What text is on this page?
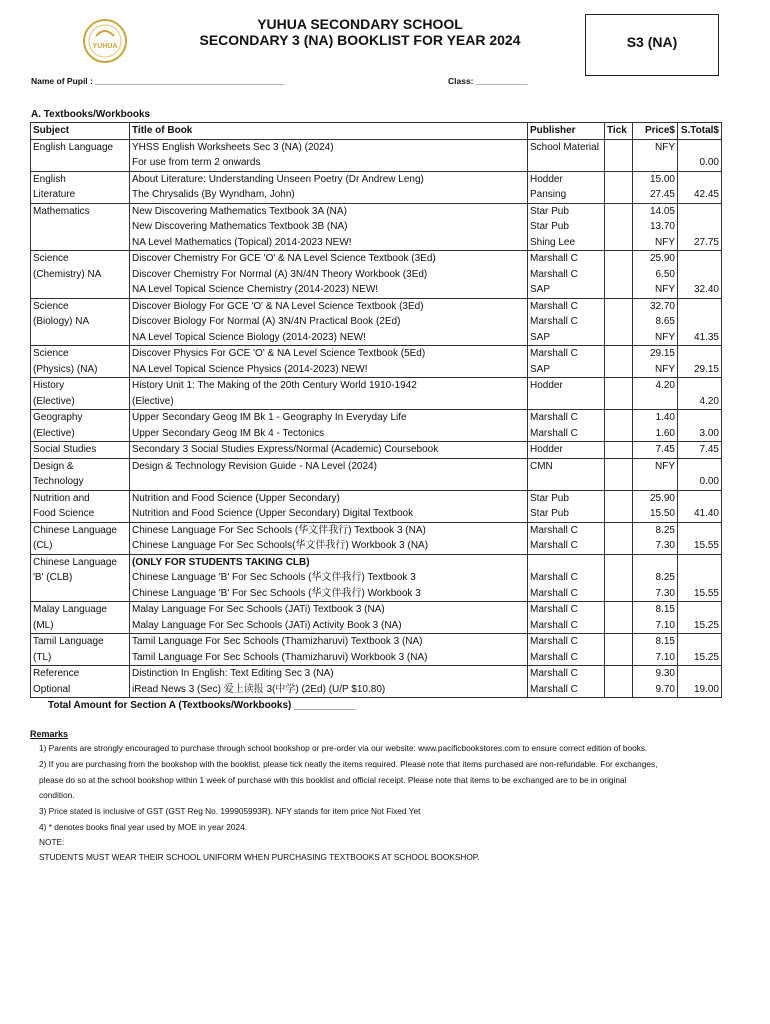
YUHUA
YUHUA SECONDARY SCHOOL
SECONDARY 3 (NA) BOOKLIST FOR YEAR 2024	S3 (NA)
Name of Pupil : ________________________________________	Class: ___________
A. Textbooks/Workbooks
Subject	Title of Book	Publisher	Tick	Price$	S.Total$
English Language	YHSS English Worksheets Sec 3 (NA) (2024)	School Material		NFY	
	For use from term 2 onwards				0.00
English	About Literature: Understanding Unseen Poetry (Dr Andrew Leng)	Hodder		15.00	
Literature	The Chrysalids (By Wyndham, John)	Pansing		27.45	42.45
Mathematics	New Discovering Mathematics Textbook 3A (NA)	Star Pub		14.05	
	New Discovering Mathematics Textbook 3B (NA)	Star Pub		13.70	
	NA Level Mathematics (Topical) 2014-2023 NEW!	Shing Lee		NFY	27.75
Science	Discover Chemistry For GCE 'O' & NA Level Science Textbook (3Ed)	Marshall C		25.90	
(Chemistry) NA	Discover Chemistry For Normal (A) 3N/4N Theory Workbook (3Ed)	Marshall C		6.50	
	NA Level Topical Science Chemistry (2014-2023) NEW!	SAP		NFY	32.40
Science	Discover Biology For GCE 'O' & NA Level Science Textbook (3Ed)	Marshall C		32.70	
(Biology) NA	Discover Biology For Normal (A) 3N/4N Practical Book (2Ed)	Marshall C		8.65	
	NA Level Topical Science Biology (2014-2023) NEW!	SAP		NFY	41.35
Science	Discover Physics For GCE 'O' & NA Level Science Textbook (5Ed)	Marshall C		29.15	
(Physics) (NA)	NA Level Topical Science Physics (2014-2023) NEW!	SAP		NFY	29.15
History	History Unit 1: The Making of the 20th Century World 1910-1942	Hodder		4.20	
(Elective)	(Elective)				4.20
Geography	Upper Secondary Geog IM Bk 1 - Geography In Everyday Life	Marshall C		1.40	
(Elective)	Upper Secondary Geog IM Bk 4 - Tectonics	Marshall C		1.60	3.00
Social Studies	Secondary 3 Social Studies Express/Normal (Academic) Coursebook	Hodder		7.45	7.45
Design &	Design & Technology Revision Guide - NA Level (2024)	CMN		NFY	
Technology					0.00
Nutrition and	Nutrition and Food Science (Upper Secondary)	Star Pub		25.90	
Food Science	Nutrition and Food Science (Upper Secondary) Digital Textbook	Star Pub		15.50	41.40
Chinese Language	Chinese Language For Sec Schools (华文伴我行) Textbook 3 (NA)	Marshall C		8.25	
(CL)	Chinese Language For Sec Schools(华文伴我行) Workbook 3 (NA)	Marshall C		7.30	15.55
Chinese Language	(ONLY FOR STUDENTS TAKING CLB)				
'B' (CLB)	Chinese Language 'B' For Sec Schools (华文伴我行) Textbook 3	Marshall C		8.25	
	Chinese Language 'B' For Sec Schools (华文伴我行) Workbook 3	Marshall C		7.30	15.55
Malay Language	Malay Language For Sec Schools (JATi) Textbook 3 (NA)	Marshall C		8.15	
(ML)	Malay Language For Sec Schools (JATi) Activity Book 3 (NA)	Marshall C		7.10	15.25
Tamil Language	Tamil Language For Sec Schools (Thamizharuvi) Textbook 3 (NA)	Marshall C		8.15	
(TL)	Tamil Language For Sec Schools (Thamizharuvi) Workbook 3 (NA)	Marshall C		7.10	15.25
Reference	Distinction In English: Text Editing Sec 3 (NA)	Marshall C		9.30	
Optional	iRead News 3 (Sec) 爱上读报 3(中学) (2Ed) (U/P $10.80)	Marshall C		9.70	19.00
Total Amount for Section A (Textbooks/Workbooks) ___________
Remarks
1) Parents are strongly encouraged to purchase through school bookshop or pre-order via our website: www.pacificbookstores.com to ensure correct edition of books.
2) If you are purchasing from the bookshop with the booklist, please tick neatly the items required. Please note that items purchased are non-refundable. For exchanges,
please do so at the school bookshop within 1 week of purchase with this booklist and official receipt. Please note that items to be exchanged are to be in original
condition.
3) Price stated is inclusive of GST (GST Reg No. 199905993R). NFY stands for item price Not Fixed Yet
4) * denotes books final year used by MOE in year 2024.
NOTE:
STUDENTS MUST WEAR THEIR SCHOOL UNIFORM WHEN PURCHASING TEXTBOOKS AT SCHOOL BOOKSHOP.
